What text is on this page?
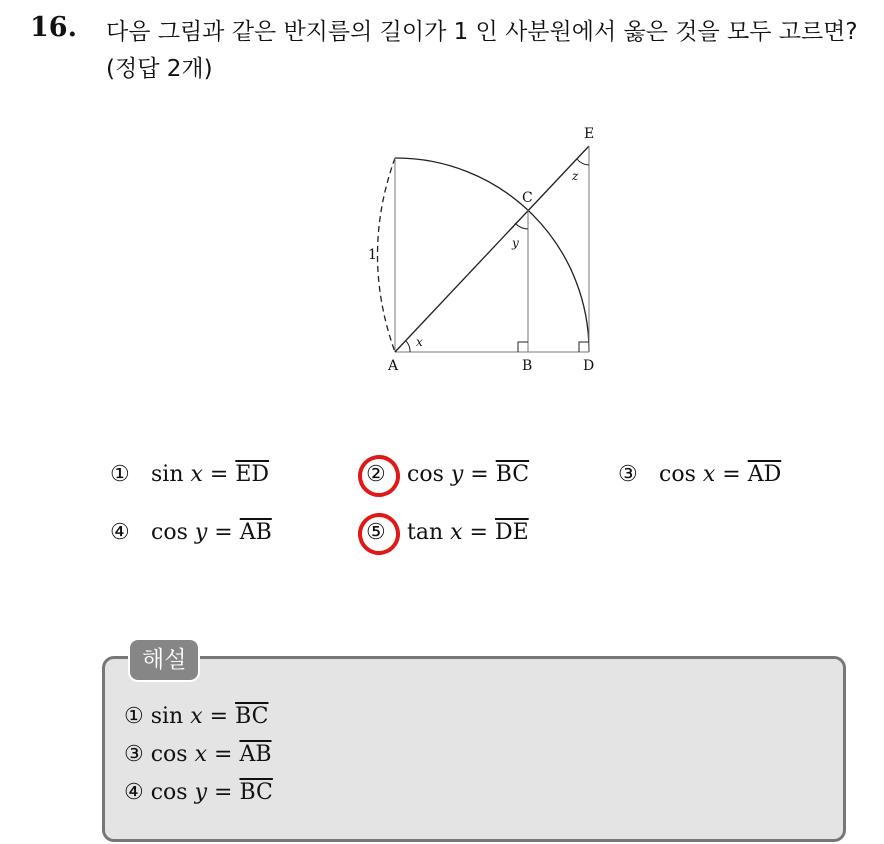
16. 다음 그림과 같은 반지름의 길이가 1 인 사분원에서 옳은 것을 모두 고르면? (정답 2개)
A	B
C
D
E
x
y
z
1
① $\sin x = \overline{ED}$	② $\cos y = \overline{BC}$	③ $\cos x = \overline{AD}$
④ $\cos y = \overline{AB}$	⑤ $\tan x = \overline{DE}$
해설
① $\sin x = \overline{BC}$
③ $\cos x = \overline{AB}$
④ $\cos y = \overline{BC}$
